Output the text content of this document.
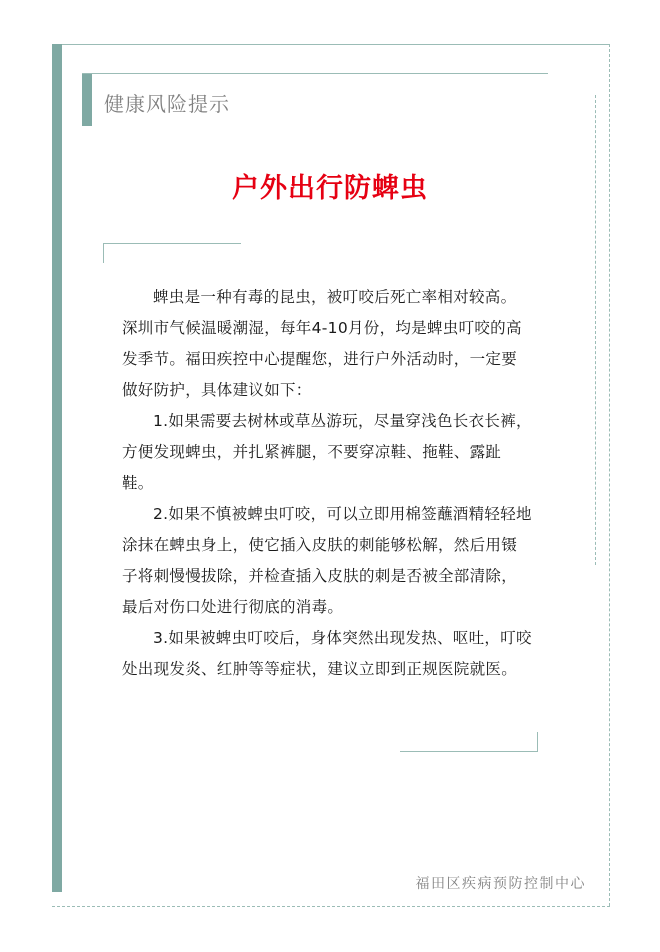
健康风险提示
户外出行防蜱虫

蜱虫是一种有毒的昆虫，被叮咬后死亡率相对较高。深圳市气候温暖潮湿，每年4-10月份，均是蜱虫叮咬的高发季节。福田疾控中心提醒您，进行户外活动时，一定要做好防护，具体建议如下：

1.如果需要去树林或草丛游玩，尽量穿浅色长衣长裤，方便发现蜱虫，并扎紧裤腿，不要穿凉鞋、拖鞋、露趾鞋。

2.如果不慎被蜱虫叮咬，可以立即用棉签蘸酒精轻轻地涂抹在蜱虫身上，使它插入皮肤的刺能够松解，然后用镊子将刺慢慢拔除，并检查插入皮肤的刺是否被全部清除，最后对伤口处进行彻底的消毒。

3.如果被蜱虫叮咬后，身体突然出现发热、呕吐，叮咬处出现发炎、红肿等等症状，建议立即到正规医院就医。

福田区疾病预防控制中心
